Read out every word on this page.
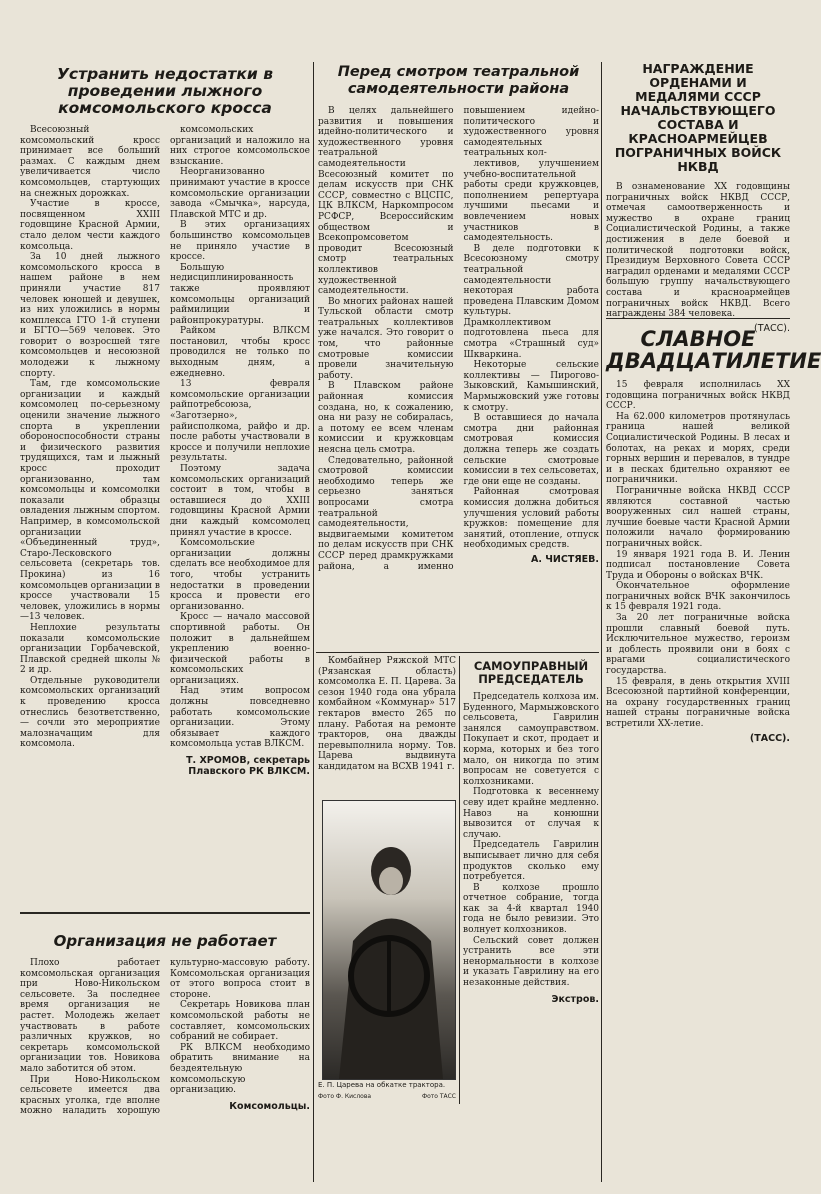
Устранить недостатки в проведении лыжного комсомольского кросса

Всесоюзный комсомольский кросс принимает все больший размах. С каждым днем увеличивается число комсомольцев, стартующих на снежных дорожках.

Участие в кроссе, посвященном XXIII годовщине Красной Армии, стало делом чести каждого комсольца.

За 10 дней лыжного комсомольского кросса в нашем районе в нем приняли участие 817 человек юношей и девушек, из них уложились в нормы комплекса ГТО 1-й ступени и БГТО—569 человек. Это говорит о возросшей тяге комсомольцев и несоюзной молодежи к лыжному спорту.

Там, где комсомольские организации и каждый комсомолец по-серьезному оценили значение лыжного спорта в укреплении обороноспособности страны и физического развития трудящихся, там и лыжный кросс проходит организованно, там комсомольцы и комсомолки показали образцы овладения лыжным спортом. Например, в комсомольской организации «Объединенный труд», Старо-Лесковского сельсовета (секретарь тов. Прокина) из 16 комсомольцев организации в кроссе участвовали 15 человек, уложились в нормы—13 человек.

Неплохие результаты показали комсомольские организации Горбачевской, Плавской средней школы № 2 и др.

Отдельные руководители комсомольских организаций к проведению кросса отнеслись безответственно, — сочли это мероприятие малозначащим для комсомола.

комсомольских организаций и наложило на них строгое комсомольское взыскание.

Неорганизованно принимают участие в кроссе комсомольские организации завода «Смычка», нарсуда, Плавской МТС и др.

В этих организациях большинство комсомольцев не приняло участие в кроссе.

Большую недисциплинированность также проявляют комсомольцы организаций раймилиции и районпрокуратуры.

Райком ВЛКСМ постановил, чтобы кросс проводился не только по выходным дням, а ежедневно.

13 февраля комсомольские организации райпотребсоюза, «Заготзерно», райисполкома, райфо и др. после работы участвовали в кроссе и получили неплохие результаты.

Поэтому задача комсомольских организаций состоит в том, чтобы в оставшиеся до XXIII годовщины Красной Армии дни каждый комсомолец принял участие в кроссе.

Комсомольские организации должны сделать все необходимое для того, чтобы устранить недостатки в проведении кросса и провести его организованно.

Кросс — начало массовой спортивной работы. Он положит в дальнейшем укреплению военно-физической работы в комсомольских организациях.

Над этим вопросом должны повседневно работать комсомольские организации. Этому обязывает каждого комсомольца устав ВЛКСМ.

Т. ХРОМОВ, секретарь Плавского РК ВЛКСМ.
Организация не работает

Плохо работает комсомольская организация при Ново-Никольском сельсовете. За последнее время организация не растет. Молодежь желает участвовать в работе различных кружков, но секретарь комсомольской организации тов. Новикова мало заботится об этом.

При Ново-Никольском сельсовете имеется два красных уголка, где вполне можно наладить хорошую культурно-массовую работу. Комсомольская организация от этого вопроса стоит в стороне.

Секретарь Новикова план комсомольской работы не составляет, комсомольских собраний не собирает.

РК ВЛКСМ необходимо обратить внимание на бездеятельную комсомольскую организацию.

Комсомольцы.
Перед смотром театральной самодеятельности района

В целях дальнейшего развития и повышения идейно-политического и художественного уровня театральной самодеятельности Всесоюзный комитет по делам искусств при СНК СССР, совместно с ВЦСПС, ЦК ВЛКСМ, Наркомпросом РСФСР, Всероссийским обществом и Всекопромсоветом проводит Всесоюзный смотр театральных коллективов художественной самодеятельности.

Во многих районах нашей Тульской области смотр театральных коллективов уже начался. Это говорит о том, что районные смотровые комиссии провели значительную работу.

В Плавском районе районная комиссия создана, но, к сожалению, она ни разу не собиралась, а потому ее всем членам комиссии и кружковцам неясна цель смотра.

Следовательно, районной смотровой комиссии необходимо теперь же серьезно заняться вопросами смотра театральной самодеятельности, выдвигаемыми комитетом по делам искусств при СНК СССР перед драмкружками района, а именно повышением идейно-политического и художественного уровня самодеятельных театральных кол-

лективов, улучшением учебно-воспитательной работы среди кружковцев, пополнением репертуара лучшими пьесами и вовлечением новых участников в самодеятельность.

В деле подготовки к Всесоюзному смотру театральной самодеятельности некоторая работа проведена Плавским Домом культуры. Драмколлективом подготовлена пьеса для смотра «Страшный суд» Шкваркина.

Некоторые сельские коллективы — Пирогово-Зыковский, Камышинский, Мармыжовский уже готовы к смотру.

В оставшиеся до начала смотра дни районная смотровая комиссия должна теперь же создать сельские смотровые комиссии в тех сельсоветах, где они еще не созданы.

Районная смотровая комиссия должна добиться улучшения условий работы кружков: помещение для занятий, отопление, отпуск необходимых средств.

А. ЧИСТЯЕВ.

Комбайнер Ряжской МТС (Рязанская область) комсомолка Е. П. Царева. За сезон 1940 года она убрала комбайном «Коммунар» 517 гектаров вместо 265 по плану. Работая на ремонте тракторов, она дважды перевыполнила норму. Тов. Царева выдвинута кандидатом на ВСХВ 1941 г.

Е. П. Царева на обкатке трактора.
Фото Ф. Кислова	Фото ТАСС
САМОУПРАВНЫЙ ПРЕДСЕДАТЕЛЬ

Председатель колхоза им. Буденного, Мармыжовского сельсовета, Гаврилин занялся самоуправством. Покупает и скот, продает и корма, которых и без того мало, он никогда по этим вопросам не советуется с колхозниками.

Подготовка к весеннему севу идет крайне медленно. Навоз на конюшни вывозится от случая к случаю.

Председатель Гаврилин выписывает лично для себя продуктов сколько ему потребуется.

В колхозе прошло отчетное собрание, тогда как за 4-й квартал 1940 года не было ревизии. Это волнует колхозников.

Сельский совет должен устранить все эти ненормальности в колхозе и указать Гаврилину на его незаконные действия.

Экстров.
НАГРАЖДЕНИЕ ОРДЕНАМИ И МЕДАЛЯМИ СССР НАЧАЛЬСТВУЮЩЕГО СОСТАВА И КРАСНОАРМЕЙЦЕВ ПОГРАНИЧНЫХ ВОЙСК НКВД

В ознаменование XX годовщины пограничных войск НКВД СССР, отмечая самоотверженность и мужество в охране границ Социалистической Родины, а также достижения в деле боевой и политической подготовки войск, Президиум Верховного Совета СССР наградил орденами и медалями СССР большую группу начальствующего состава и красноармейцев пограничных войск НКВД. Всего награждены 384 человека.

(ТАСС).
СЛАВНОЕ ДВАДЦАТИЛЕТИЕ

15 февраля исполнилась XX годовщина пограничных войск НКВД СССР.

На 62.000 километров протянулась граница нашей великой Социалистической Родины. В лесах и болотах, на реках и морях, среди горных вершин и перевалов, в тундре и в песках бдительно охраняют ее пограничники.

Пограничные войска НКВД СССР являются составной частью вооруженных сил нашей страны, лучшие боевые части Красной Армии положили начало формированию пограничных войск.

19 января 1921 года В. И. Ленин подписал постановление Совета Труда и Обороны о войсках ВЧК.

Окончательное оформление пограничных войск ВЧК закончилось к 15 февраля 1921 года.

За 20 лет пограничные войска прошли славный боевой путь. Исключительное мужество, героизм и доблесть проявили они в боях с врагами социалистического государства.

15 февраля, в день открытия XVIII Всесоюзной партийной конференции, на охрану государственных границ нашей страны пограничные войска встретили XX-летие.

(ТАСС).
